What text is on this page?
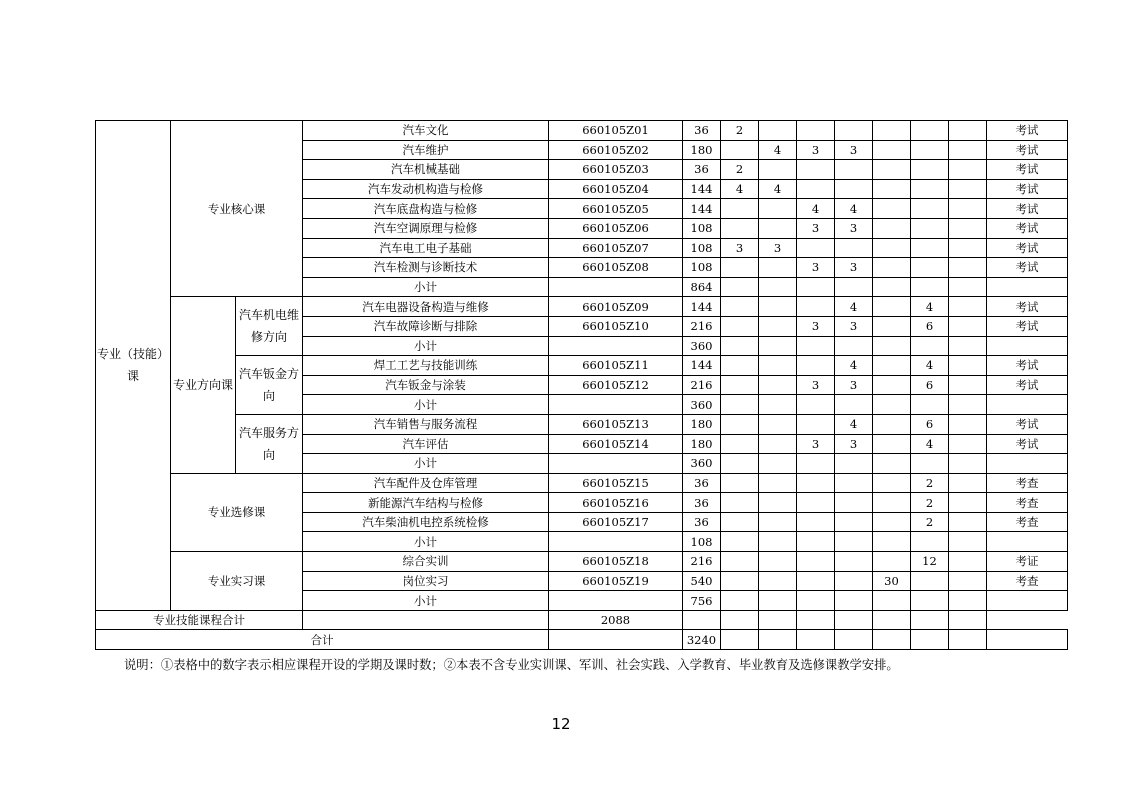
专业（技能）课	专业核心课		汽车文化	660105Z01	36	2							考试
			汽车维护	660105Z02	180		4	3	3				考试
			汽车机械基础	660105Z03	36	2							考试
			汽车发动机构造与检修	660105Z04	144	4	4						考试
			汽车底盘构造与检修	660105Z05	144			4	4				考试
			汽车空调原理与检修	660105Z06	108			3	3				考试
			汽车电工电子基础	660105Z07	108	3	3						考试
			汽车检测与诊断技术	660105Z08	108			3	3				考试
			小计		864								
	专业方向课	汽车机电维修方向	汽车电器设备构造与维修	660105Z09	144				4		4		考试
			汽车故障诊断与排除	660105Z10	216			3	3		6		考试
			小计		360								
		汽车钣金方向	焊工工艺与技能训练	660105Z11	144				4		4		考试
			汽车钣金与涂装	660105Z12	216			3	3		6		考试
			小计		360								
		汽车服务方向	汽车销售与服务流程	660105Z13	180				4		6		考试
			汽车评估	660105Z14	180			3	3		4		考试
			小计		360								
	专业选修课		汽车配件及仓库管理	660105Z15	36						2		考查
			新能源汽车结构与检修	660105Z16	36						2		考查
			汽车柴油机电控系统检修	660105Z17	36						2		考查
			小计		108								
	专业实习课		综合实训	660105Z18	216						12		考证
			岗位实习	660105Z19	540					30			考查
			小计		756								
专业技能课程合计				2088									
合计					3240								
说明：①表格中的数字表示相应课程开设的学期及课时数；②本表不含专业实训课、军训、社会实践、入学教育、毕业教育及选修课教学安排。
12
